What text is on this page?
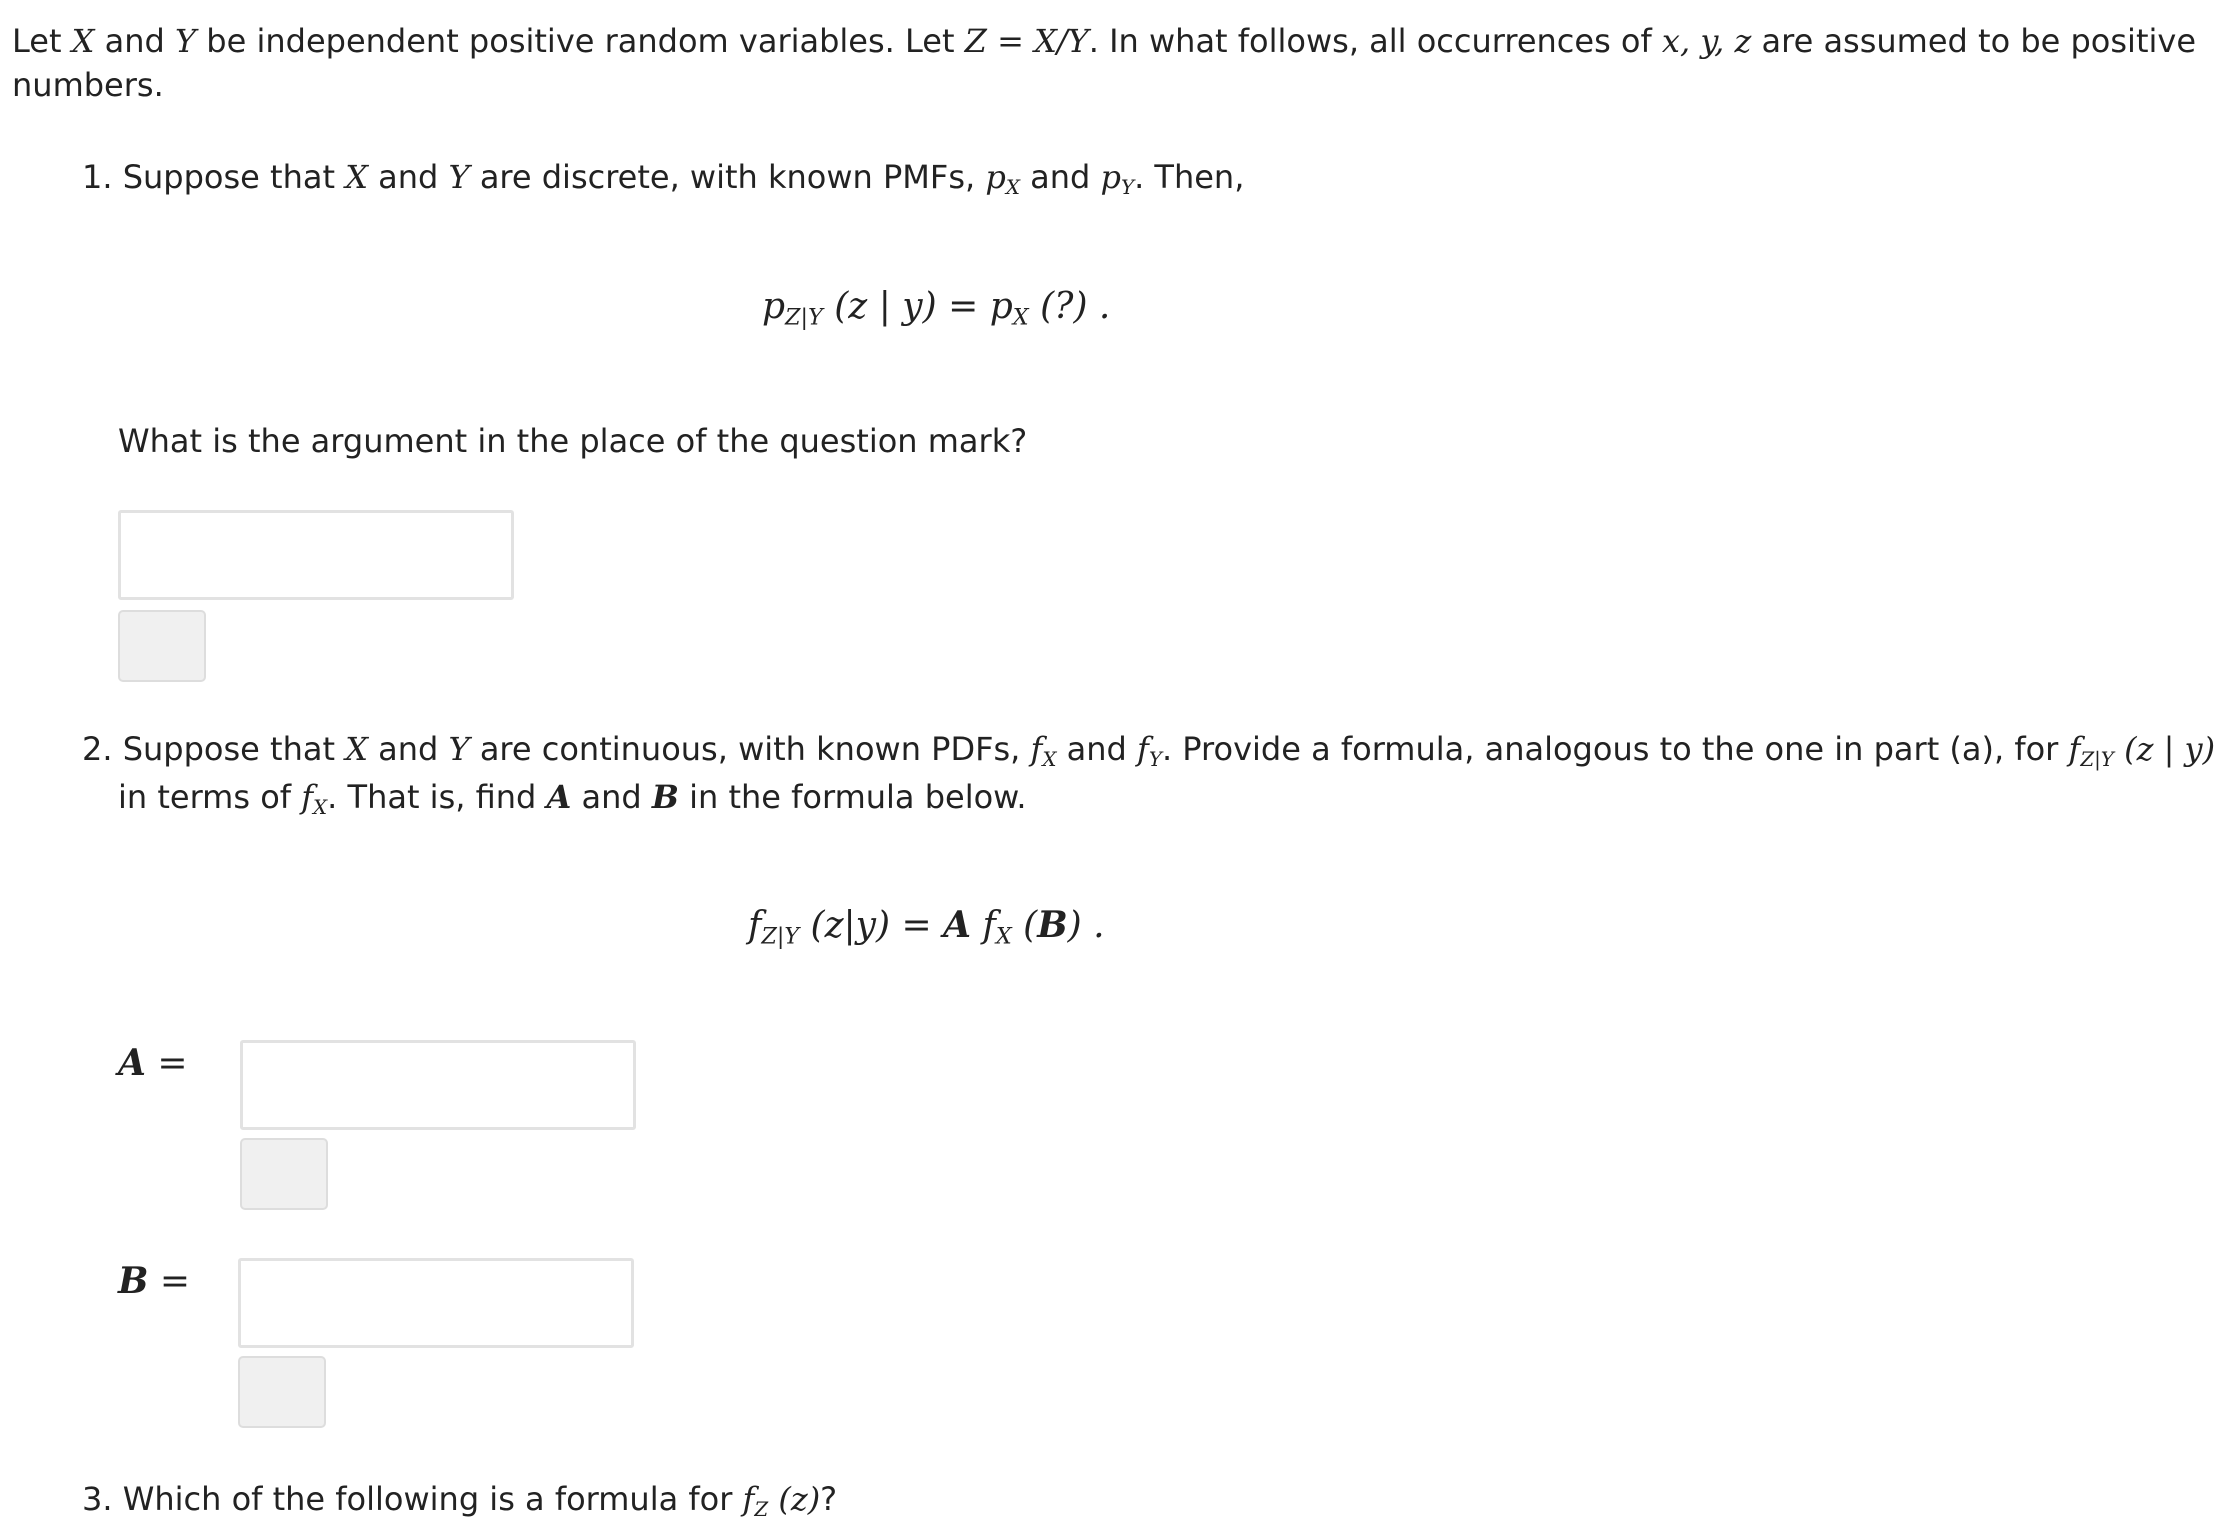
Let X and Y be independent positive random variables. Let Z = X/Y. In what follows, all occurrences of x, y, z are assumed to be positive
numbers.
1. Suppose that X and Y are discrete, with known PMFs, $p_X$ and $p_Y$. Then,
$p_{Z|Y}$ (z | $y) = p_X$ (?) .
What is the argument in the place of the question mark?
2. Suppose that X and Y are continuous, with known PDFs, $f_X$ and $f_Y$. Provide a formula, analogous to the one in part (a), for $f_{Z|Y}$ (z | y)
in terms of $f_X$. That is, find A and B in the formula below.
$f_{Z|Y}$ (z|y) = A $f_X$ (B) .
A =
B =
3. Which of the following is a formula for $f_Z$ (z)?
